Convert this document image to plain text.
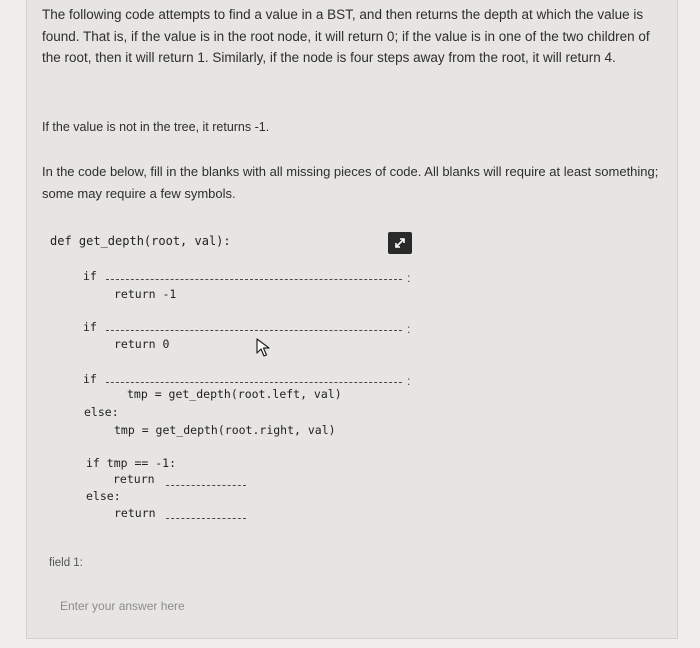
The following code attempts to find a value in a BST, and then returns the depth at which the value is found. That is, if the value is in the root node, it will return 0; if the value is in one of the two children of the root, then it will return 1. Similarly, if the node is four steps away from the root, it will return 4.
If the value is not in the tree, it returns -1.
In the code below, fill in the blanks with all missing pieces of code. All blanks will require at least something; some may require a few symbols.
def get_depth(root, val):
if	:
return -1
if	:
return 0
if	:
tmp = get_depth(root.left, val)
else:
tmp = get_depth(root.right, val)
if tmp == -1:
return
else:
return
field 1:
Enter your answer here
